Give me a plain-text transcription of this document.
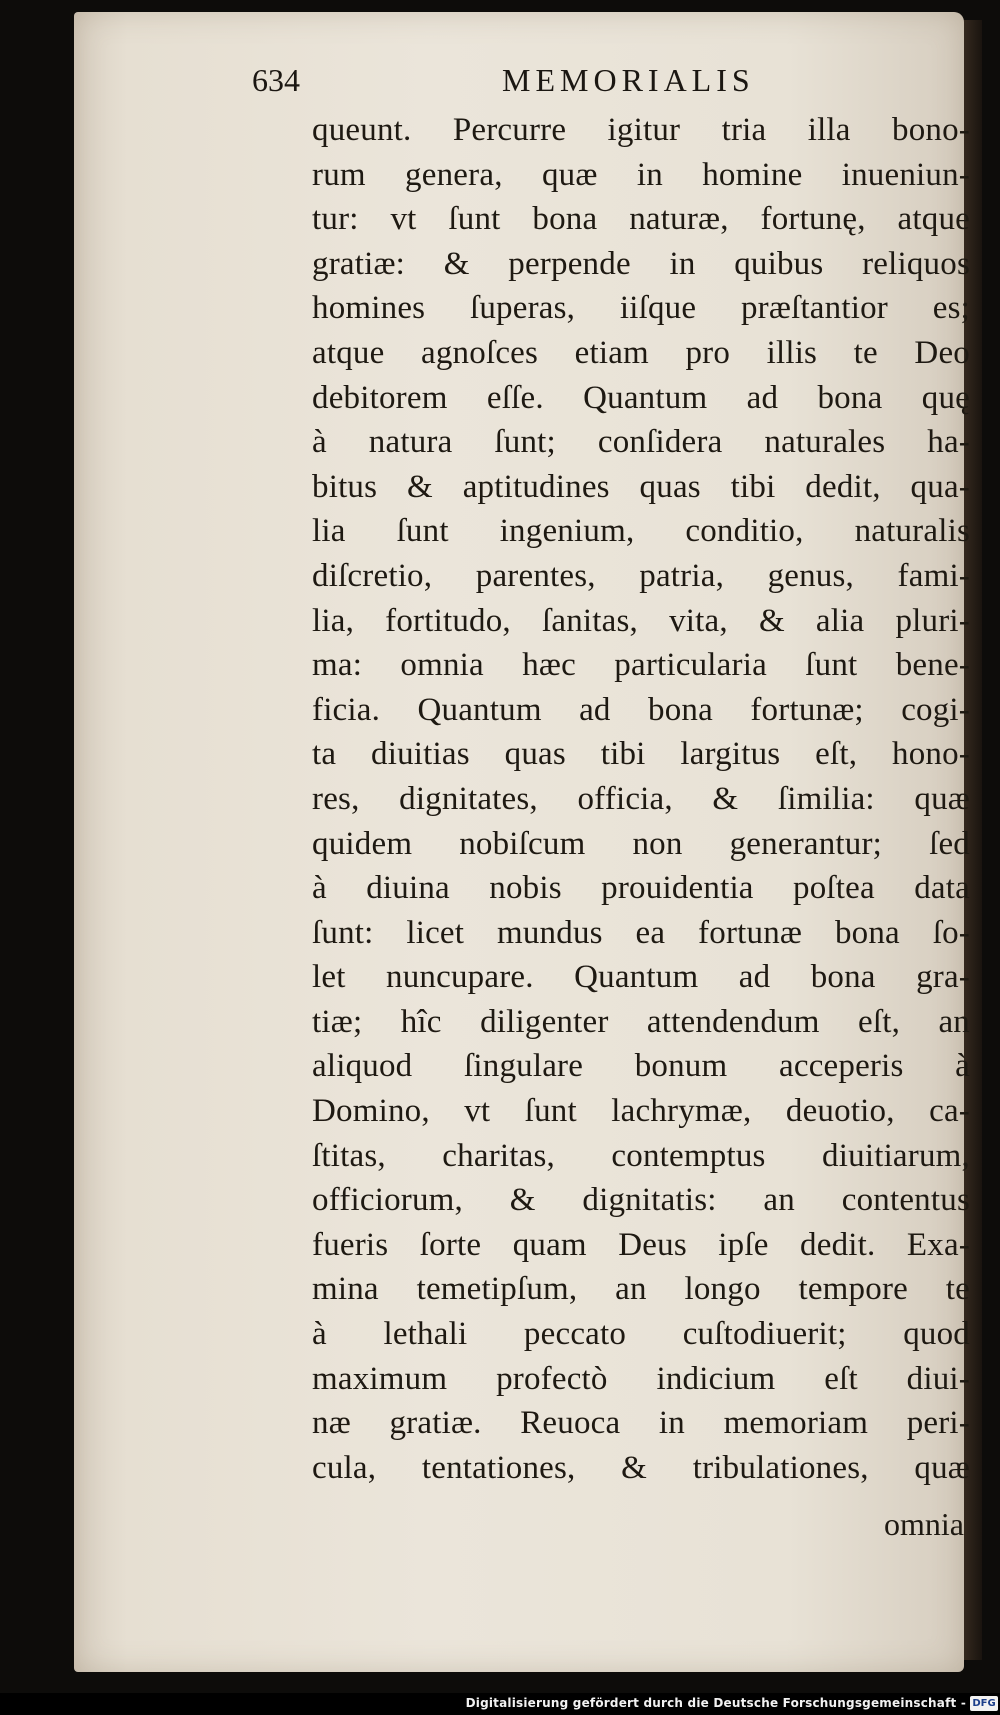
634	MEMORIALIS
queunt. Percurre igitur tria illa bono-
rum genera, quæ in homine inueniun-
tur: vt ſunt bona naturæ, fortunę, atque
gratiæ: & perpende in quibus reliquos
homines ſuperas, iiſque præſtantior es;
atque agnoſces etiam pro illis te Deo
debitorem eſſe. Quantum ad bona quę
à natura ſunt; conſidera naturales ha-
bitus & aptitudines quas tibi dedit, qua-
lia ſunt ingenium, conditio, naturalis
diſcretio, parentes, patria, genus, fami-
lia, fortitudo, ſanitas, vita, & alia pluri-
ma: omnia hæc particularia ſunt bene-
ficia. Quantum ad bona fortunæ; cogi-
ta diuitias quas tibi largitus eſt, hono-
res, dignitates, officia, & ſimilia: quæ
quidem nobiſcum non generantur; ſed
à diuina nobis prouidentia poſtea data
ſunt: licet mundus ea fortunæ bona ſo-
let nuncupare. Quantum ad bona gra-
tiæ; hîc diligenter attendendum eſt, an
aliquod ſingulare bonum acceperis à
Domino, vt ſunt lachrymæ, deuotio, ca-
ſtitas, charitas, contemptus diuitiarum,
officiorum, & dignitatis: an contentus
fueris ſorte quam Deus ipſe dedit. Exa-
mina temetipſum, an longo tempore te
à lethali peccato cuſtodiuerit; quod
maximum profectò indicium eſt diui-
næ gratiæ. Reuoca in memoriam peri-
cula, tentationes, & tribulationes, quæ
omnia
Digitalisierung gefördert durch die Deutsche Forschungsgemeinschaft - DFG
